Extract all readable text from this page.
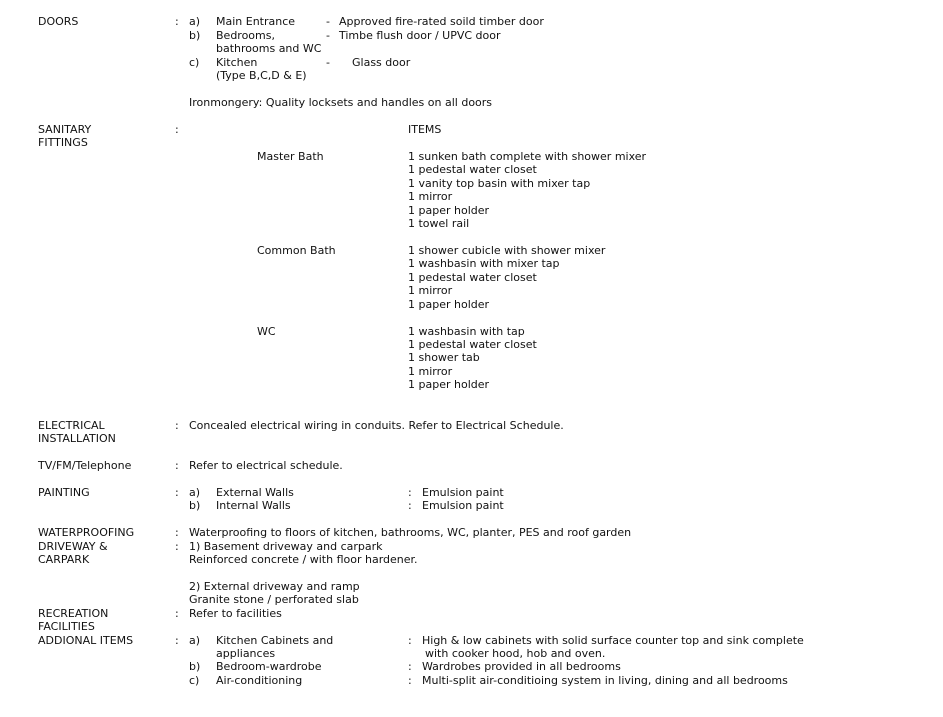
DOORS	: a) Main Entrance	- Approved fire-rated soild timber door
b) Bedrooms,	- Timbe flush door / UPVC door
bathrooms and WC
c) Kitchen	- Glass door
(Type B,C,D & E)
Ironmongery: Quality locksets and handles on all doors
SANITARY
FITTINGS
:	ITEMS
Master Bath	1 sunken bath complete with shower mixer
1 pedestal water closet
1 vanity top basin with mixer tap
1 mirror
1 paper holder
1 towel rail
Common Bath	1 shower cubicle with shower mixer
1 washbasin with mixer tap
1 pedestal water closet
1 mirror
1 paper holder
WC	1 washbasin with tap
1 pedestal water closet
1 shower tab
1 mirror
1 paper holder
ELECTRICAL
INSTALLATION
: Concealed electrical wiring in conduits. Refer to Electrical Schedule.
TV/FM/Telephone	: Refer to electrical schedule.
PAINTING	: a) External Walls	: Emulsion paint
b) Internal Walls	: Emulsion paint
WATERPROOFING	: Waterproofing to floors of kitchen, bathrooms, WC, planter, PES and roof garden
DRIVEWAY &
CARPARK
: 1) Basement driveway and carpark
Reinforced concrete / with floor hardener.
2) External driveway and ramp
Granite stone / perforated slab
RECREATION
FACILITIES
: Refer to facilities
ADDIONAL ITEMS	: a) Kitchen Cabinets and
appliances
: High & low cabinets with solid surface counter top and sink complete
with cooker hood, hob and oven.
b) Bedroom-wardrobe	: Wardrobes provided in all bedrooms
c) Air-conditioning	: Multi-split air-conditioing system in living, dining and all bedrooms
